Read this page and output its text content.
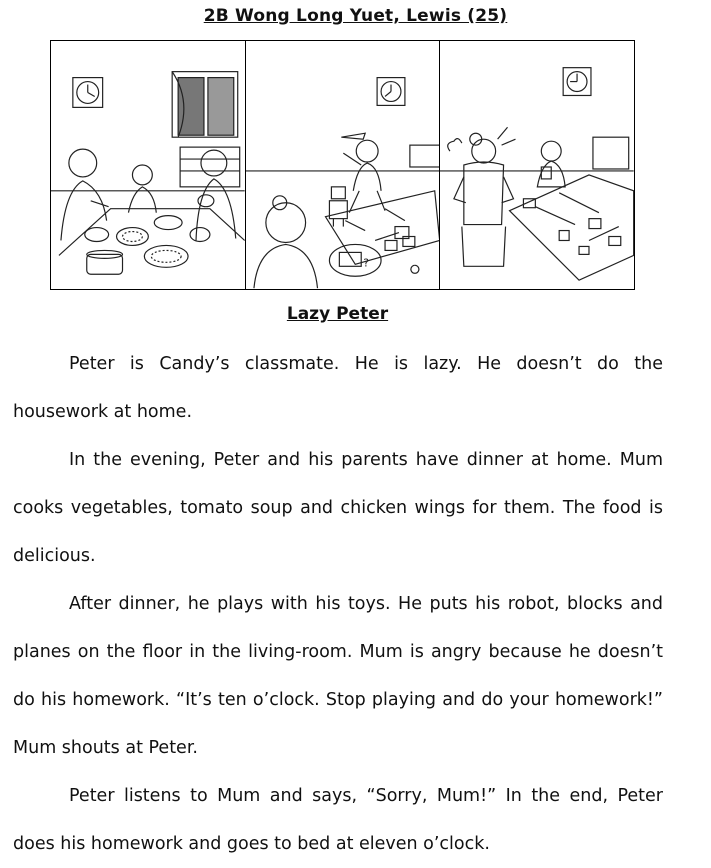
2B Wong Long Yuet, Lewis (25)
?
Lazy Peter

Peter is Candy’s classmate. He is lazy. He doesn’t do the housework at home.

In the evening, Peter and his parents have dinner at home. Mum cooks vegetables, tomato soup and chicken wings for them. The food is delicious.

After dinner, he plays with his toys. He puts his robot, blocks and planes on the floor in the living-room. Mum is angry because he doesn’t do his homework. “It’s ten o’clock. Stop playing and do your homework!” Mum shouts at Peter.

Peter listens to Mum and says, “Sorry, Mum!” In the end, Peter does his homework and goes to bed at eleven o’clock.
